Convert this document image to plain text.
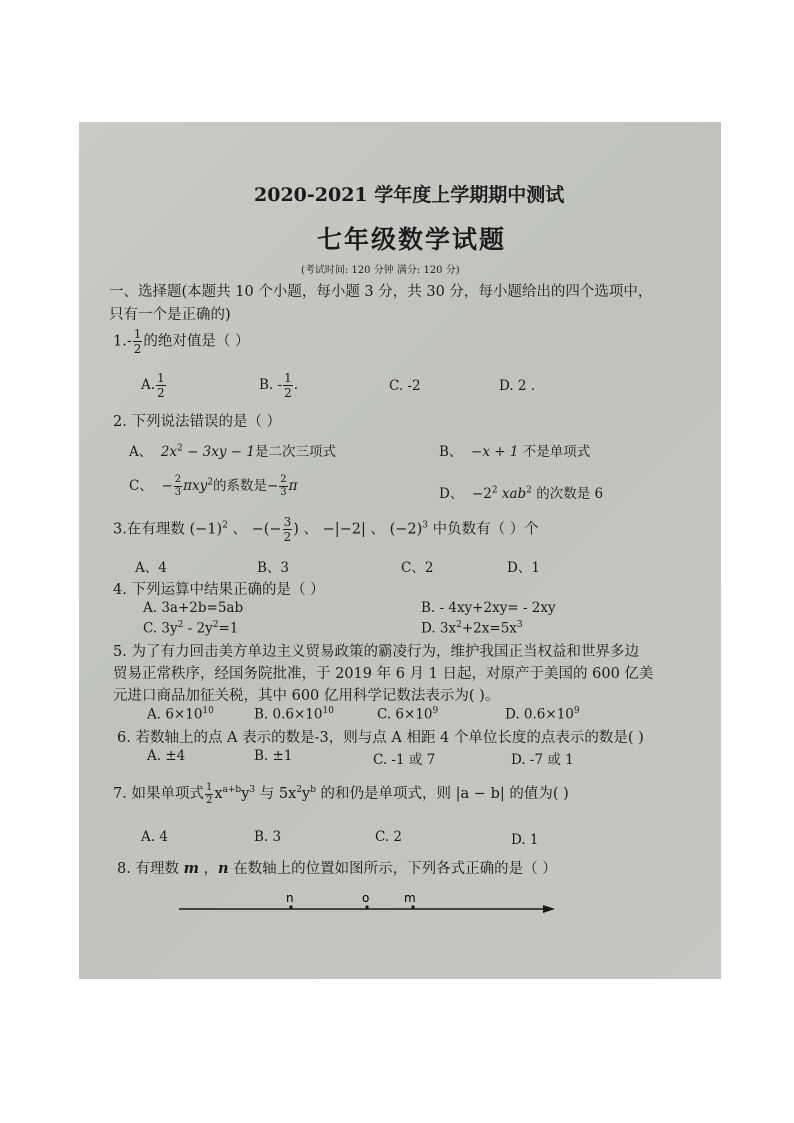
2020-2021 学年度上学期期中测试
七年级数学试题
(考试时间: 120 分钟 满分: 120 分)
一、选择题(本题共 10 个小题，每小题 3 分，共 30 分，每小题给出的四个选项中，
只有一个是正确的)
$1.- \frac{1}{2}$ 的绝对值是（ ）
A. $\frac{1}{2}$	B. - $\frac{1}{2}$ .	C. -2	D. 2 .
2. 下列说法错误的是（ ）
A、 $2x^2 - 3xy - 1$是二次三项式	B、 −x + 1 不是单项式
C、 − $\frac{2}{3} \pi xy^2$的系数是− $\frac{2}{3}$ π	D、 $-2^2$ xab$^2$ 的次数是 6
3.在有理数 $(-1)^2$ 、 −(− $\frac{3}{2}$ ) 、 −|−2| 、 $(-2)^3$ 中负数有（ ）个
A、4	B、3	C、2	D、1
4. 下列运算中结果正确的是（ ）
A. 3a+2b=5ab	B. - 4xy+2xy= - 2xy
C. $3y^2 - 2y^2=1$	D. $3x^2+2x=5x^3$
5. 为了有力回击美方单边主义贸易政策的霸凌行为，维护我国正当权益和世界多边
贸易正常秩序，经国务院批准，于 2019 年 6 月 1 日起，对原产于美国的 600 亿美
元进口商品加征关税，其中 600 亿用科学记数法表示为( )。
A. $6\times 10^{10}$	B. $0.6\times 10^{10}$	C. $6\times 10^9$	D. $0.6\times 10^9$
6. 若数轴上的点 A 表示的数是-3，则与点 A 相距 4 个单位长度的点表示的数是( )
A. ±4	B. ±1	C. -1 或 7	D. -7 或 1
7. 如果单项式 $\frac{1}{2} x^{a+b}y^3$ 与 $5x^2y^b$ 的和仍是单项式，则 |a − b| 的值为( )
A. 4	B. 3	C. 2	D. 1
8. 有理数 m ，n 在数轴上的位置如图所示，下列各式正确的是（ ）
n	o	m
